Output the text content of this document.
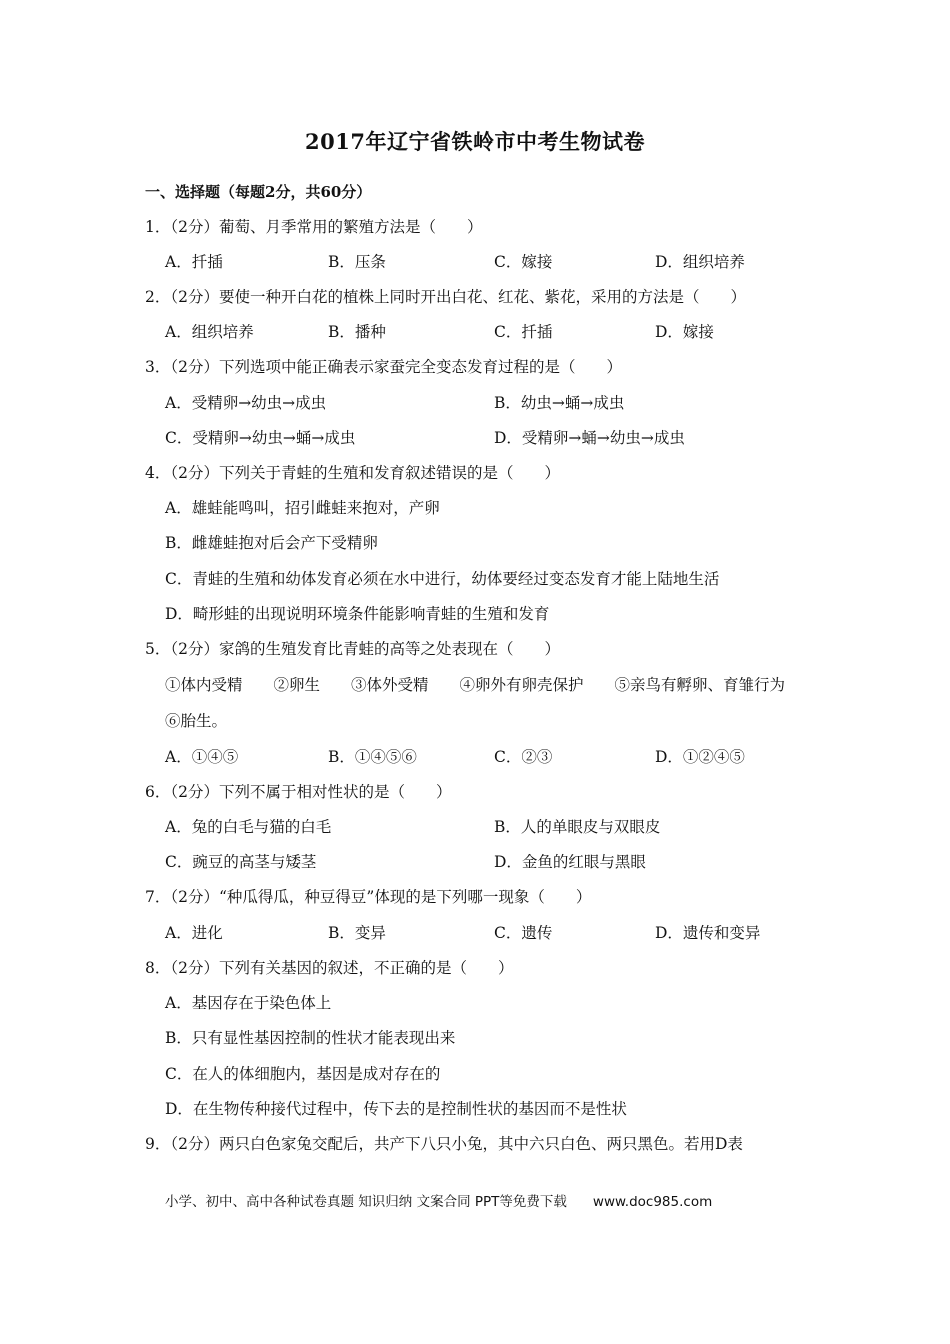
2017年辽宁省铁岭市中考生物试卷
一、选择题（每题2分，共60分）
1．（2分）葡萄、月季常用的繁殖方法是（　　）
A．扦插	B．压条	C．嫁接	D．组织培养
2．（2分）要使一种开白花的植株上同时开出白花、红花、紫花，采用的方法是（　　）
A．组织培养	B．播种	C．扦插	D．嫁接
3．（2分）下列选项中能正确表示家蚕完全变态发育过程的是（　　）
A．受精卵→幼虫→成虫	B．幼虫→蛹→成虫
C．受精卵→幼虫→蛹→成虫	D．受精卵→蛹→幼虫→成虫
4．（2分）下列关于青蛙的生殖和发育叙述错误的是（　　）
A．雄蛙能鸣叫，招引雌蛙来抱对，产卵
B．雌雄蛙抱对后会产下受精卵
C．青蛙的生殖和幼体发育必须在水中进行，幼体要经过变态发育才能上陆地生活
D．畸形蛙的出现说明环境条件能影响青蛙的生殖和发育
5．（2分）家鸽的生殖发育比青蛙的高等之处表现在（　　）
①体内受精　　②卵生　　③体外受精　　④卵外有卵壳保护　　⑤亲鸟有孵卵、育雏行为
⑥胎生。
A．①④⑤	B．①④⑤⑥	C．②③	D．①②④⑤
6．（2分）下列不属于相对性状的是（　　）
A．兔的白毛与猫的白毛	B．人的单眼皮与双眼皮
C．豌豆的高茎与矮茎	D．金鱼的红眼与黑眼
7．（2分）“种瓜得瓜，种豆得豆”体现的是下列哪一现象（　　）
A．进化	B．变异	C．遗传	D．遗传和变异
8．（2分）下列有关基因的叙述，不正确的是（　　）
A．基因存在于染色体上
B．只有显性基因控制的性状才能表现出来
C．在人的体细胞内，基因是成对存在的
D．在生物传种接代过程中，传下去的是控制性状的基因而不是性状
9．（2分）两只白色家兔交配后，共产下八只小兔，其中六只白色、两只黑色。若用D表
小学、初中、高中各种试卷真题 知识归纳 文案合同 PPT等免费下载 www.doc985.com
